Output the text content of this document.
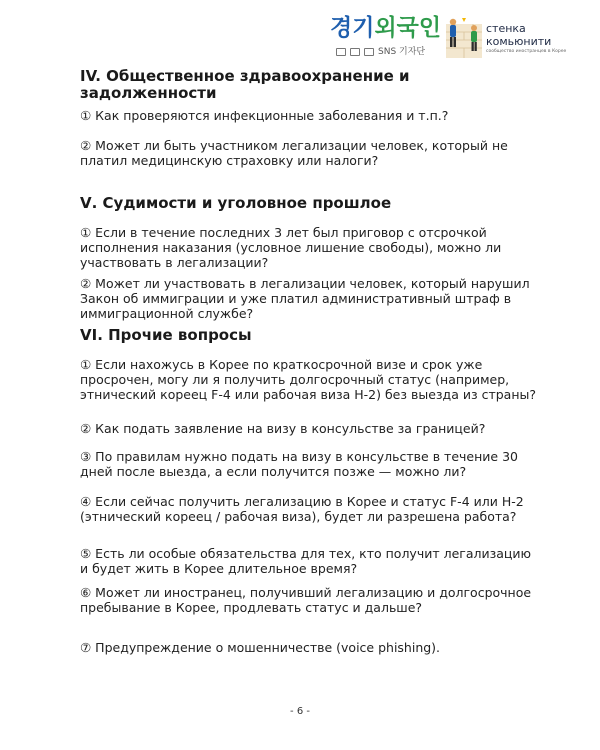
경기외국인
SNS 기자단
стенка
комьюнити
сообщество иностранцев в Корее
IV. Общественное здравоохранение и задолженности

① Как проверяются инфекционные заболевания и т.п.?

② Может ли быть участником легализации человек, который не платил медицинскую страховку или налоги?

Ⅴ. Судимости и уголовное прошлое

① Если в течение последних 3 лет был приговор с отсрочкой исполнения наказания (условное лишение свободы), можно ли участвовать в легализации?

② Может ли участвовать в легализации человек, который нарушил Закон об иммиграции и уже платил административный штраф в иммиграционной службе?

VI. Прочие вопросы

① Если нахожусь в Корее по краткосрочной визе и срок уже просрочен, могу ли я получить долгосрочный статус (например, этнический кореец F-4 или рабочая виза H-2) без выезда из страны?

② Как подать заявление на визу в консульстве за границей?

③ По правилам нужно подать на визу в консульстве в течение 30 дней после выезда, а если получится позже — можно ли?

④ Если сейчас получить легализацию в Корее и статус F-4 или H-2 (этнический кореец / рабочая виза), будет ли разрешена работа?

⑤ Есть ли особые обязательства для тех, кто получит легализацию и будет жить в Корее длительное время?

⑥ Может ли иностранец, получивший легализацию и долгосрочное пребывание в Корее, продлевать статус и дальше?

⑦ Предупреждение о мошенничестве (voice phishing).

- 6 -
